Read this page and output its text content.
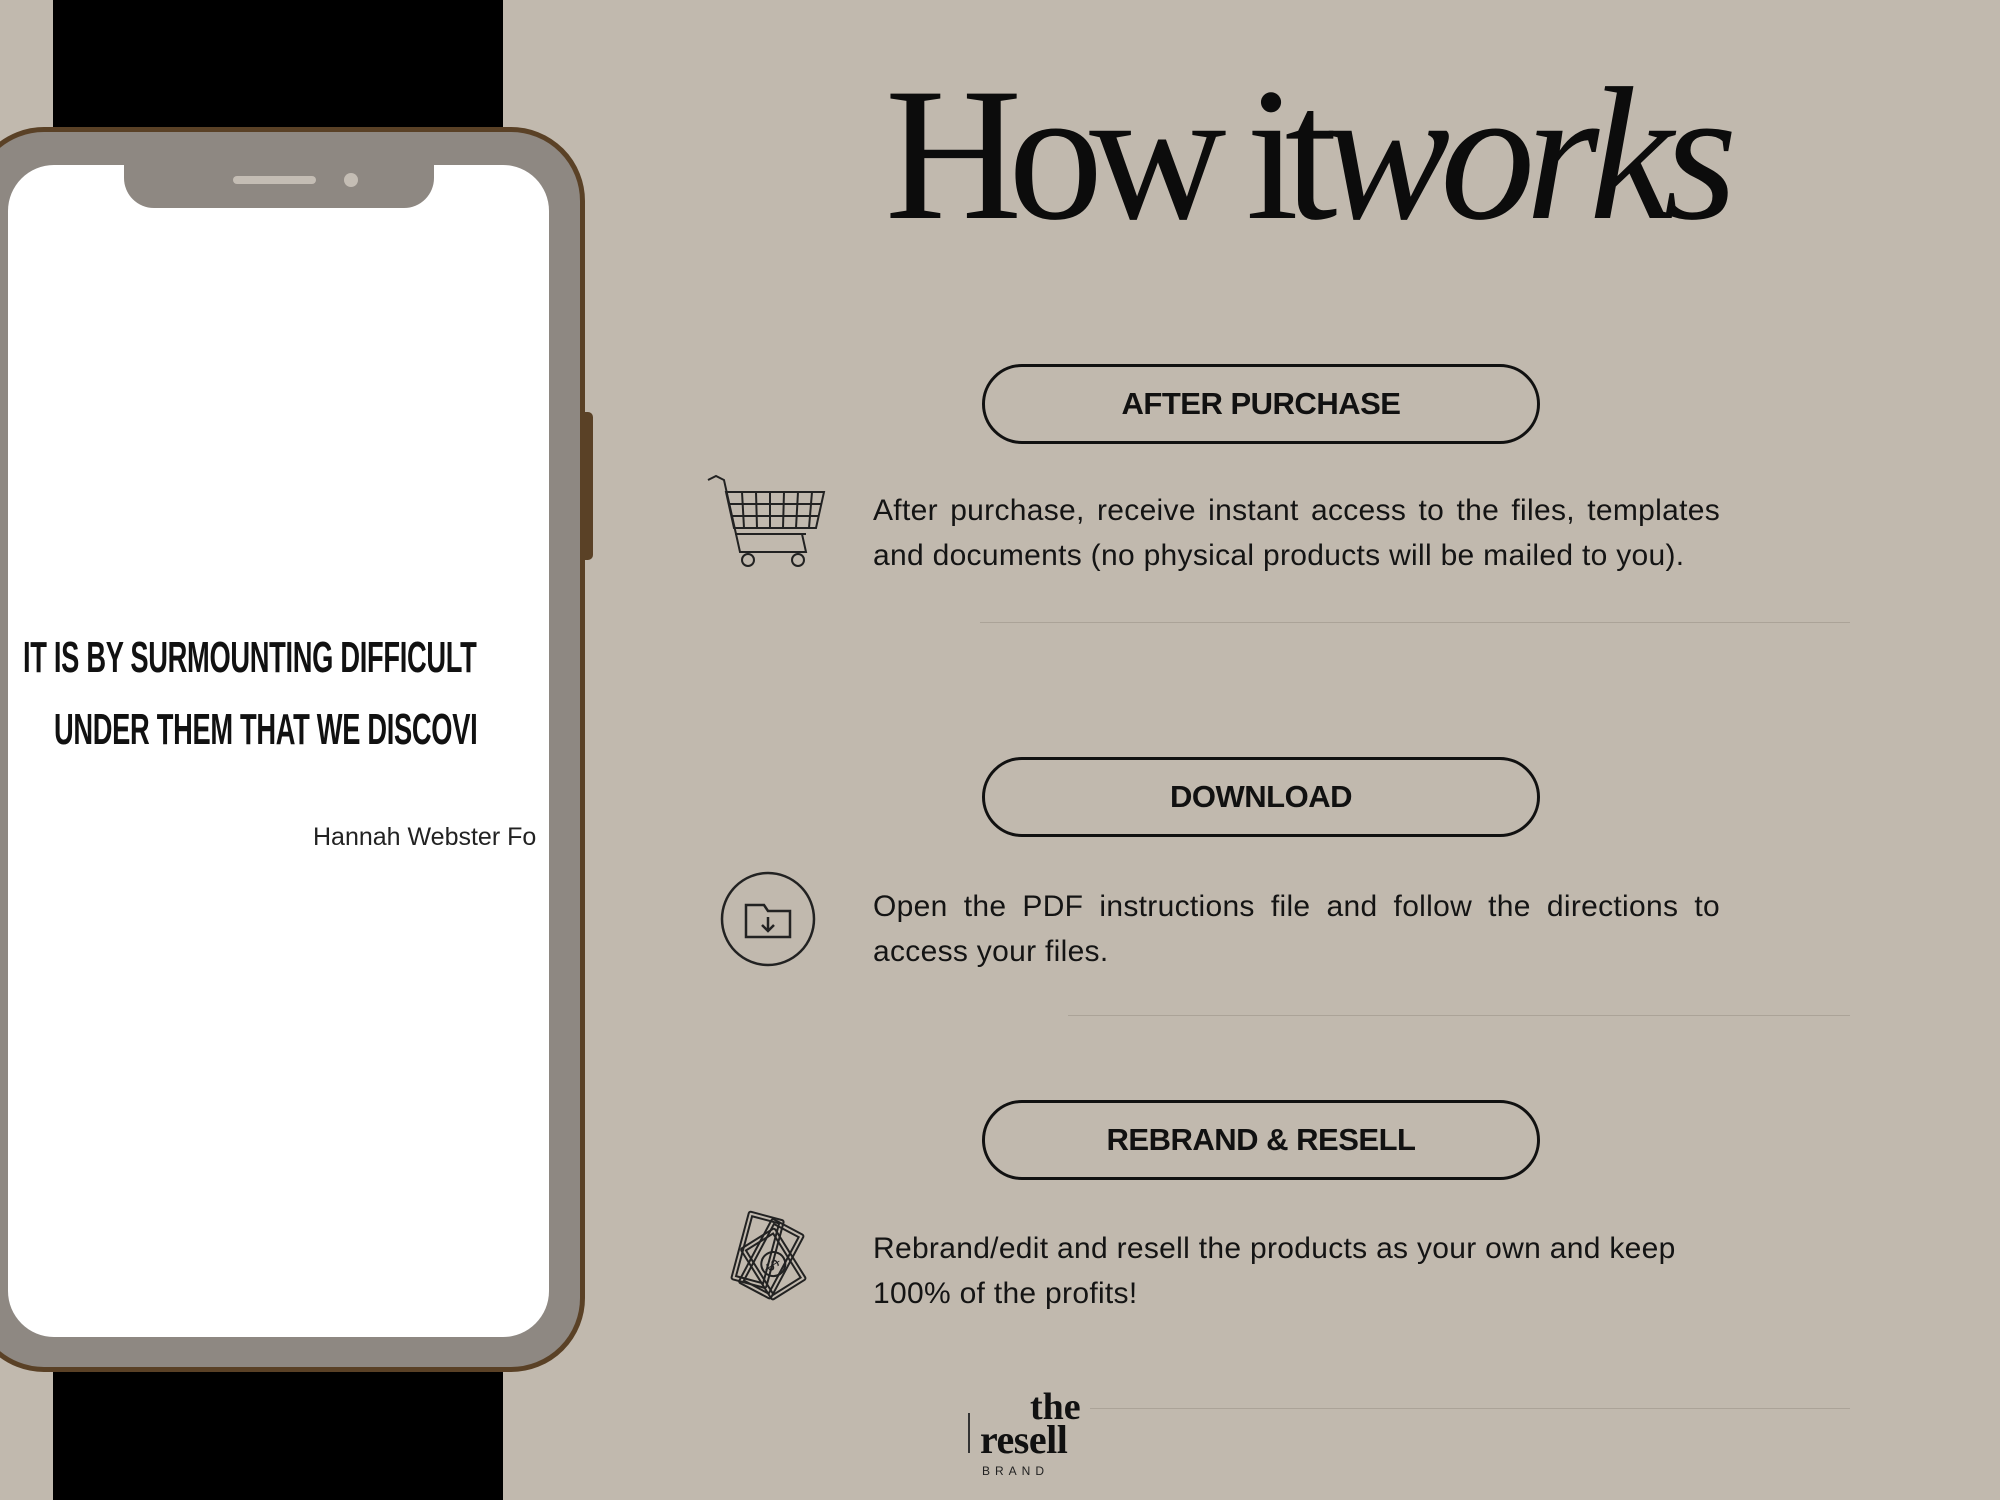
IT IS BY SURMOUNTING DIFFICULT
UNDER THEM THAT WE DISCOVI
Hannah Webster Fo
How itworks
AFTER PURCHASE
After purchase, receive instant access to the files, templates and documents (no physical products will be mailed to you).
DOWNLOAD
Open the PDF instructions file and follow the directions to access your files.
REBRAND & RESELL
$
Rebrand/edit and resell the products as your own and keep 100% of the profits!
the
resell
BRAND
